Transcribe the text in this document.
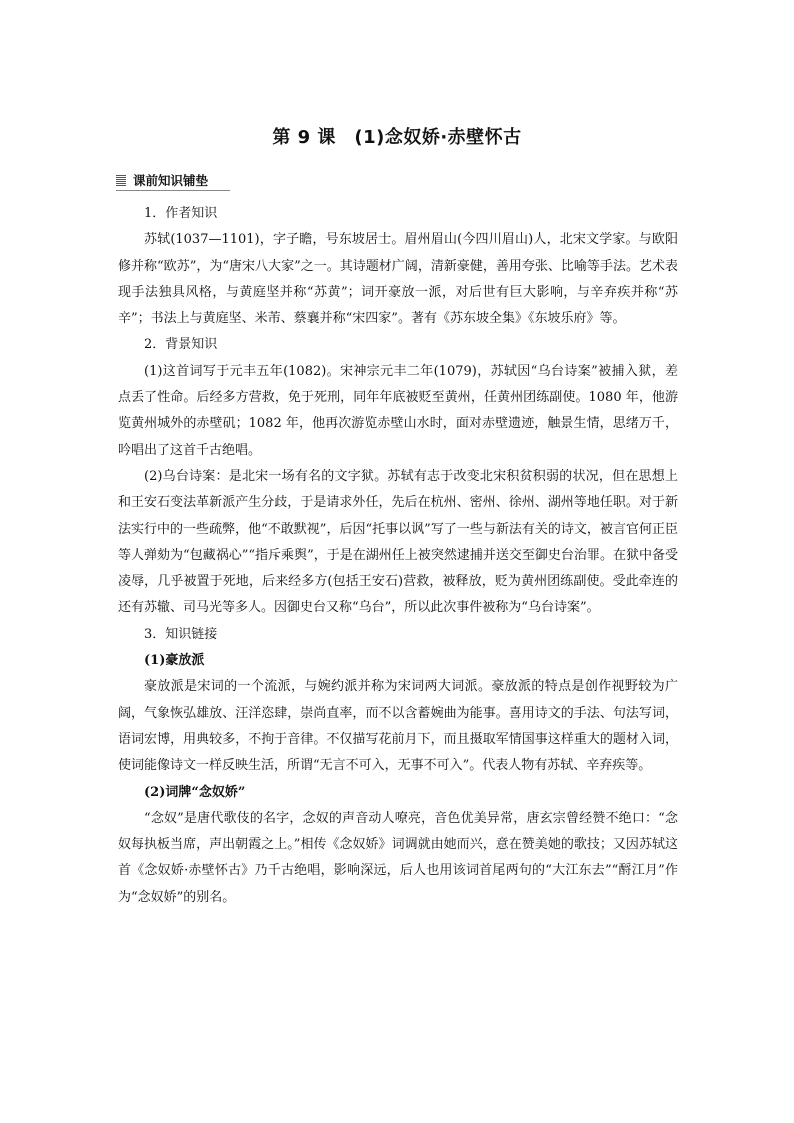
第 9 课　(1)念奴娇·赤壁怀古
课前知识铺垫

1．作者知识

苏轼(1037—1101)，字子瞻，号东坡居士。眉州眉山(今四川眉山)人，北宋文学家。与欧阳修并称“欧苏”，为“唐宋八大家”之一。其诗题材广阔，清新豪健，善用夸张、比喻等手法。艺术表现手法独具风格，与黄庭坚并称“苏黄”；词开豪放一派，对后世有巨大影响，与辛弃疾并称“苏辛”；书法上与黄庭坚、米芾、蔡襄并称“宋四家”。著有《苏东坡全集》《东坡乐府》等。

2．背景知识

(1)这首词写于元丰五年(1082)。宋神宗元丰二年(1079)，苏轼因“乌台诗案”被捕入狱，差点丢了性命。后经多方营救，免于死刑，同年年底被贬至黄州，任黄州团练副使。1080 年，他游览黄州城外的赤壁矶；1082 年，他再次游览赤壁山水时，面对赤壁遗迹，触景生情，思绪万千，吟唱出了这首千古绝唱。

(2)乌台诗案：是北宋一场有名的文字狱。苏轼有志于改变北宋积贫积弱的状况，但在思想上和王安石变法革新派产生分歧，于是请求外任，先后在杭州、密州、徐州、湖州等地任职。对于新法实行中的一些疏弊，他“不敢默视”，后因“托事以讽”写了一些与新法有关的诗文，被言官何正臣等人弹劾为“包藏祸心”“指斥乘舆”，于是在湖州任上被突然逮捕并送交至御史台治罪。在狱中备受凌辱，几乎被置于死地，后来经多方(包括王安石)营救，被释放，贬为黄州团练副使。受此牵连的还有苏辙、司马光等多人。因御史台又称“乌台”，所以此次事件被称为“乌台诗案”。

3．知识链接

(1)豪放派

豪放派是宋词的一个流派，与婉约派并称为宋词两大词派。豪放派的特点是创作视野较为广阔，气象恢弘雄放、汪洋恣肆，崇尚直率，而不以含蓄婉曲为能事。喜用诗文的手法、句法写词，语词宏博，用典较多，不拘于音律。不仅描写花前月下，而且摄取军情国事这样重大的题材入词，使词能像诗文一样反映生活，所谓“无言不可入，无事不可入”。代表人物有苏轼、辛弃疾等。

(2)词牌“念奴娇”

“念奴”是唐代歌伎的名字，念奴的声音动人嘹亮，音色优美异常，唐玄宗曾经赞不绝口：“念奴每执板当席，声出朝霞之上。”相传《念奴娇》词调就由她而兴，意在赞美她的歌技；又因苏轼这首《念奴娇·赤壁怀古》乃千古绝唱，影响深远，后人也用该词首尾两句的“大江东去”“酹江月”作为“念奴娇”的别名。
